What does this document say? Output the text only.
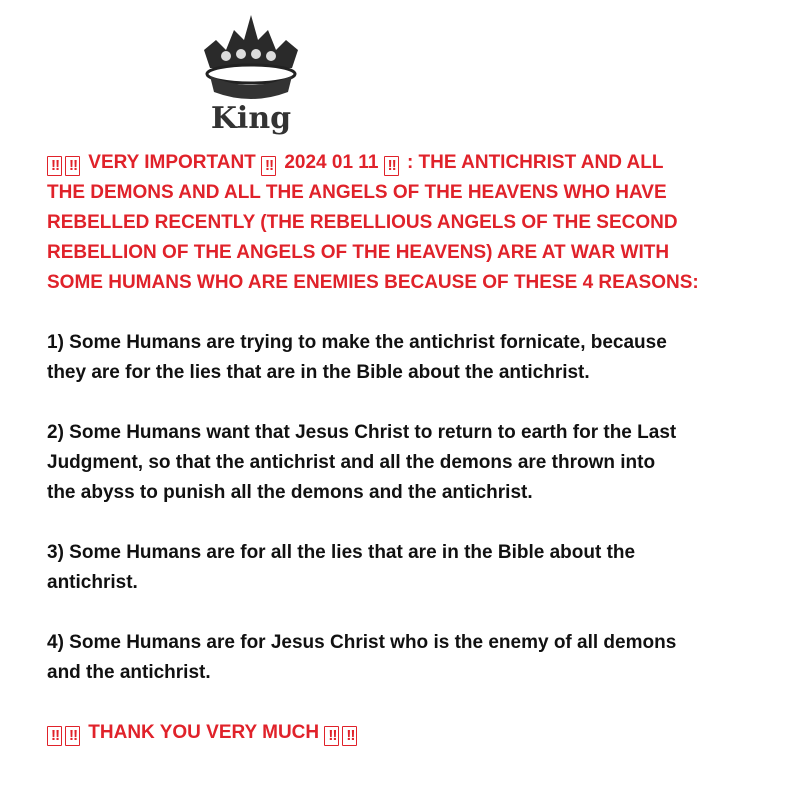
King
‼ ‼ VERY IMPORTANT ‼ 2024 01 11 ‼ : THE ANTICHRIST AND ALL
THE DEMONS AND ALL THE ANGELS OF THE HEAVENS WHO HAVE
REBELLED RECENTLY (THE REBELLIOUS ANGELS OF THE SECOND
REBELLION OF THE ANGELS OF THE HEAVENS) ARE AT WAR WITH
SOME HUMANS WHO ARE ENEMIES BECAUSE OF THESE 4 REASONS:
1) Some Humans are trying to make the antichrist fornicate, because
they are for the lies that are in the Bible about the antichrist.
2) Some Humans want that Jesus Christ to return to earth for the Last
Judgment, so that the antichrist and all the demons are thrown into
the abyss to punish all the demons and the antichrist.
3) Some Humans are for all the lies that are in the Bible about the
antichrist.
4) Some Humans are for Jesus Christ who is the enemy of all demons
and the antichrist.
‼ ‼ THANK YOU VERY MUCH ‼ ‼
